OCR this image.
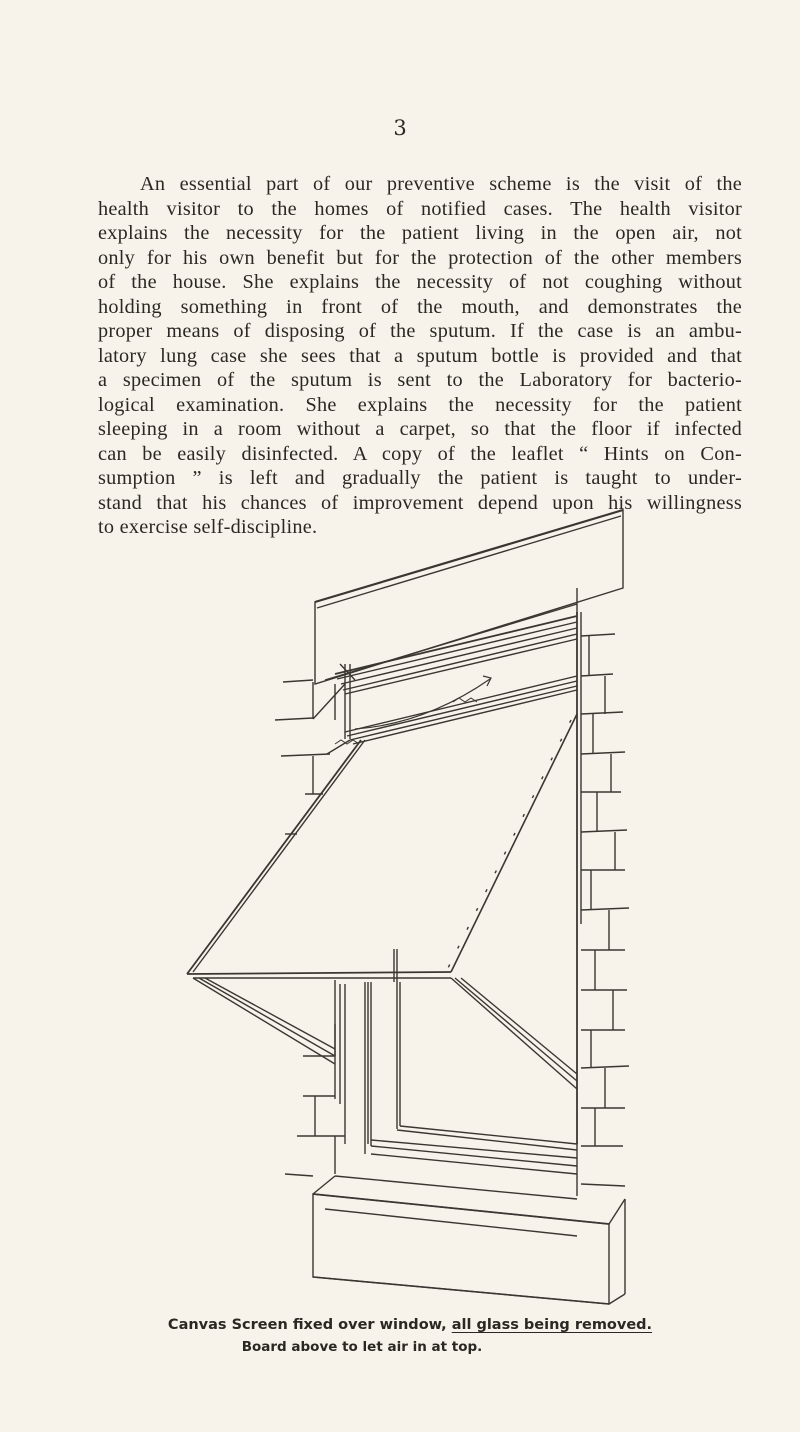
3
An essential part of our preventive scheme is the visit of the
health visitor to the homes of notified cases. The health visitor
explains the necessity for the patient living in the open air, not
only for his own benefit but for the protection of the other members
of the house. She explains the necessity of not coughing without
holding something in front of the mouth, and demonstrates the
proper means of disposing of the sputum. If the case is an ambu-
latory lung case she sees that a sputum bottle is provided and that
a specimen of the sputum is sent to the Laboratory for bacterio-
logical examination. She explains the necessity for the patient
sleeping in a room without a carpet, so that the floor if infected
can be easily disinfected. A copy of the leaflet “ Hints on Con-
sumption ” is left and gradually the patient is taught to under-
stand that his chances of improvement depend upon his willingness
to exercise self-discipline.
Canvas Screen fixed over window, all glass being removed.
Board above to let air in at top.
